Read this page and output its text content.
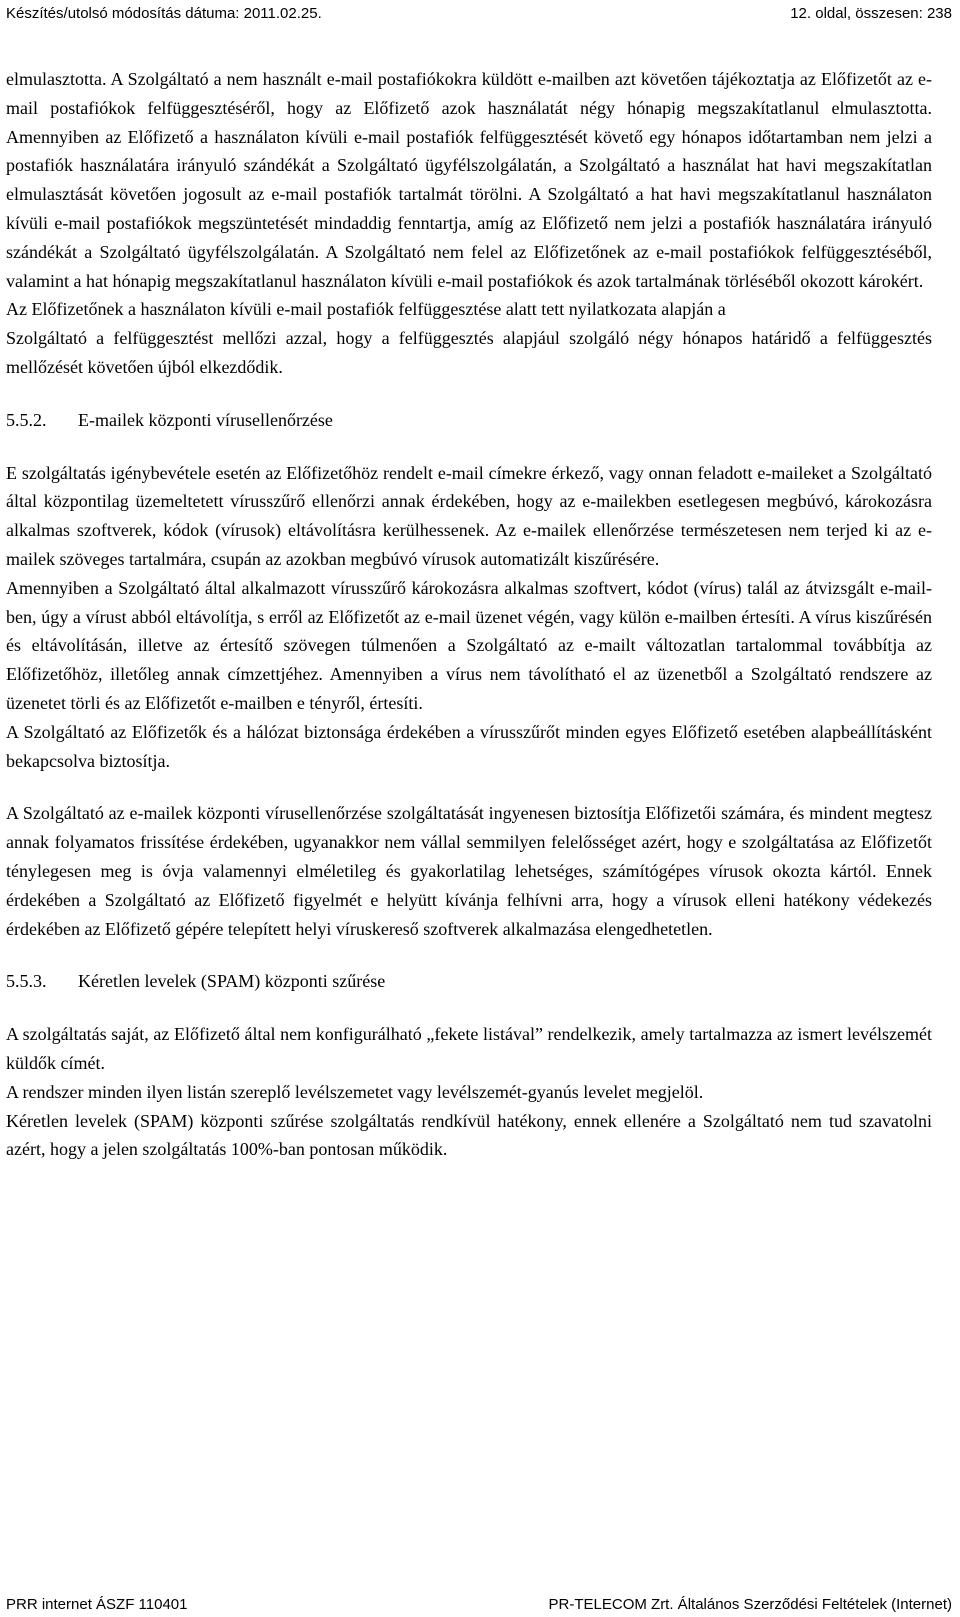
Készítés/utolsó módosítás dátuma: 2011.02.25.	12. oldal, összesen: 238

elmulasztotta. A Szolgáltató a nem használt e-mail postafiókokra küldött e-mailben azt követően tájékoztatja az Előfizetőt az e-mail postafiókok felfüggesztéséről, hogy az Előfizető azok használatát négy hónapig megszakítatlanul elmulasztotta. Amennyiben az Előfizető a használaton kívüli e-mail postafiók felfüggesztését követő egy hónapos időtartamban nem jelzi a postafiók használatára irányuló szándékát a Szolgáltató ügyfélszolgálatán, a Szolgáltató a használat hat havi megszakítatlan elmulasztását követően jogosult az e-mail postafiók tartalmát törölni. A Szolgáltató a hat havi megszakítatlanul használaton kívüli e-mail postafiókok megszüntetését mindaddig fenntartja, amíg az Előfizető nem jelzi a postafiók használatára irányuló szándékát a Szolgáltató ügyfélszolgálatán. A Szolgáltató nem felel az Előfizetőnek az e-mail postafiókok felfüggesztéséből, valamint a hat hónapig megszakítatlanul használaton kívüli e-mail postafiókok és azok tartalmának törléséből okozott károkért.

Az Előfizetőnek a használaton kívüli e-mail postafiók felfüggesztése alatt tett nyilatkozata alapján a

Szolgáltató a felfüggesztést mellőzi azzal, hogy a felfüggesztés alapjául szolgáló négy hónapos határidő a felfüggesztés mellőzését követően újból elkezdődik.

5.5.2. E-mailek központi vírusellenőrzése

E szolgáltatás igénybevétele esetén az Előfizetőhöz rendelt e-mail címekre érkező, vagy onnan feladott e-maileket a Szolgáltató által központilag üzemeltetett vírusszűrő ellenőrzi annak érdekében, hogy az e-mailekben esetlegesen megbúvó, károkozásra alkalmas szoftverek, kódok (vírusok) eltávolításra kerülhessenek. Az e-mailek ellenőrzése természetesen nem terjed ki az e-mailek szöveges tartalmára, csupán az azokban megbúvó vírusok automatizált kiszűrésére.

Amennyiben a Szolgáltató által alkalmazott vírusszűrő károkozásra alkalmas szoftvert, kódot (vírus) talál az átvizsgált e-mail-ben, úgy a vírust abból eltávolítja, s erről az Előfizetőt az e-mail üzenet végén, vagy külön e-mailben értesíti. A vírus kiszűrésén és eltávolításán, illetve az értesítő szövegen túlmenően a Szolgáltató az e-mailt változatlan tartalommal továbbítja az Előfizetőhöz, illetőleg annak címzettjéhez. Amennyiben a vírus nem távolítható el az üzenetből a Szolgáltató rendszere az üzenetet törli és az Előfizetőt e-mailben e tényről, értesíti.

A Szolgáltató az Előfizetők és a hálózat biztonsága érdekében a vírusszűrőt minden egyes Előfizető esetében alapbeállításként bekapcsolva biztosítja.

A Szolgáltató az e-mailek központi vírusellenőrzése szolgáltatását ingyenesen biztosítja Előfizetői számára, és mindent megtesz annak folyamatos frissítése érdekében, ugyanakkor nem vállal semmilyen felelősséget azért, hogy e szolgáltatása az Előfizetőt ténylegesen meg is óvja valamennyi elméletileg és gyakorlatilag lehetséges, számítógépes vírusok okozta kártól. Ennek érdekében a Szolgáltató az Előfizető figyelmét e helyütt kívánja felhívni arra, hogy a vírusok elleni hatékony védekezés érdekében az Előfizető gépére telepített helyi víruskereső szoftverek alkalmazása elengedhetetlen.

5.5.3. Kéretlen levelek (SPAM) központi szűrése

A szolgáltatás saját, az Előfizető által nem konfigurálható „fekete listával” rendelkezik, amely tartalmazza az ismert levélszemét küldők címét.

A rendszer minden ilyen listán szereplő levélszemetet vagy levélszemét-gyanús levelet megjelöl.

Kéretlen levelek (SPAM) központi szűrése szolgáltatás rendkívül hatékony, ennek ellenére a Szolgáltató nem tud szavatolni azért, hogy a jelen szolgáltatás 100%-ban pontosan működik.

PRR internet ÁSZF 110401	PR-TELECOM Zrt. Általános Szerződési Feltételek (Internet)
